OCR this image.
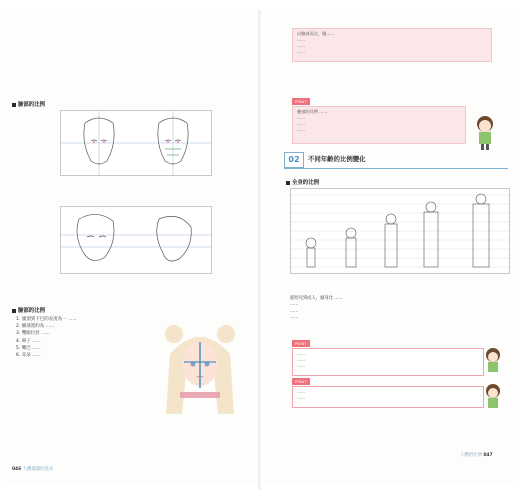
臉部的比例
臉部的比例
1. 頭頂到下巴的長度為一 ......
2. 臉部寬約為 ......
3. 雙眼位於 ......
4. 鼻子 ......
5. 嘴巴 ......
6. 耳朵 ......
046 人體插畫的基本
以臉部而言，眼......
......
......
......
POINT
臉部的比例 ......
......
......
......
02	不同年齡的比例變化
全身的比例
從幼兒到成人，頭身比 ......
......
......
......
POINT
......
......
......
POINT
......
......
人體的比例 047
